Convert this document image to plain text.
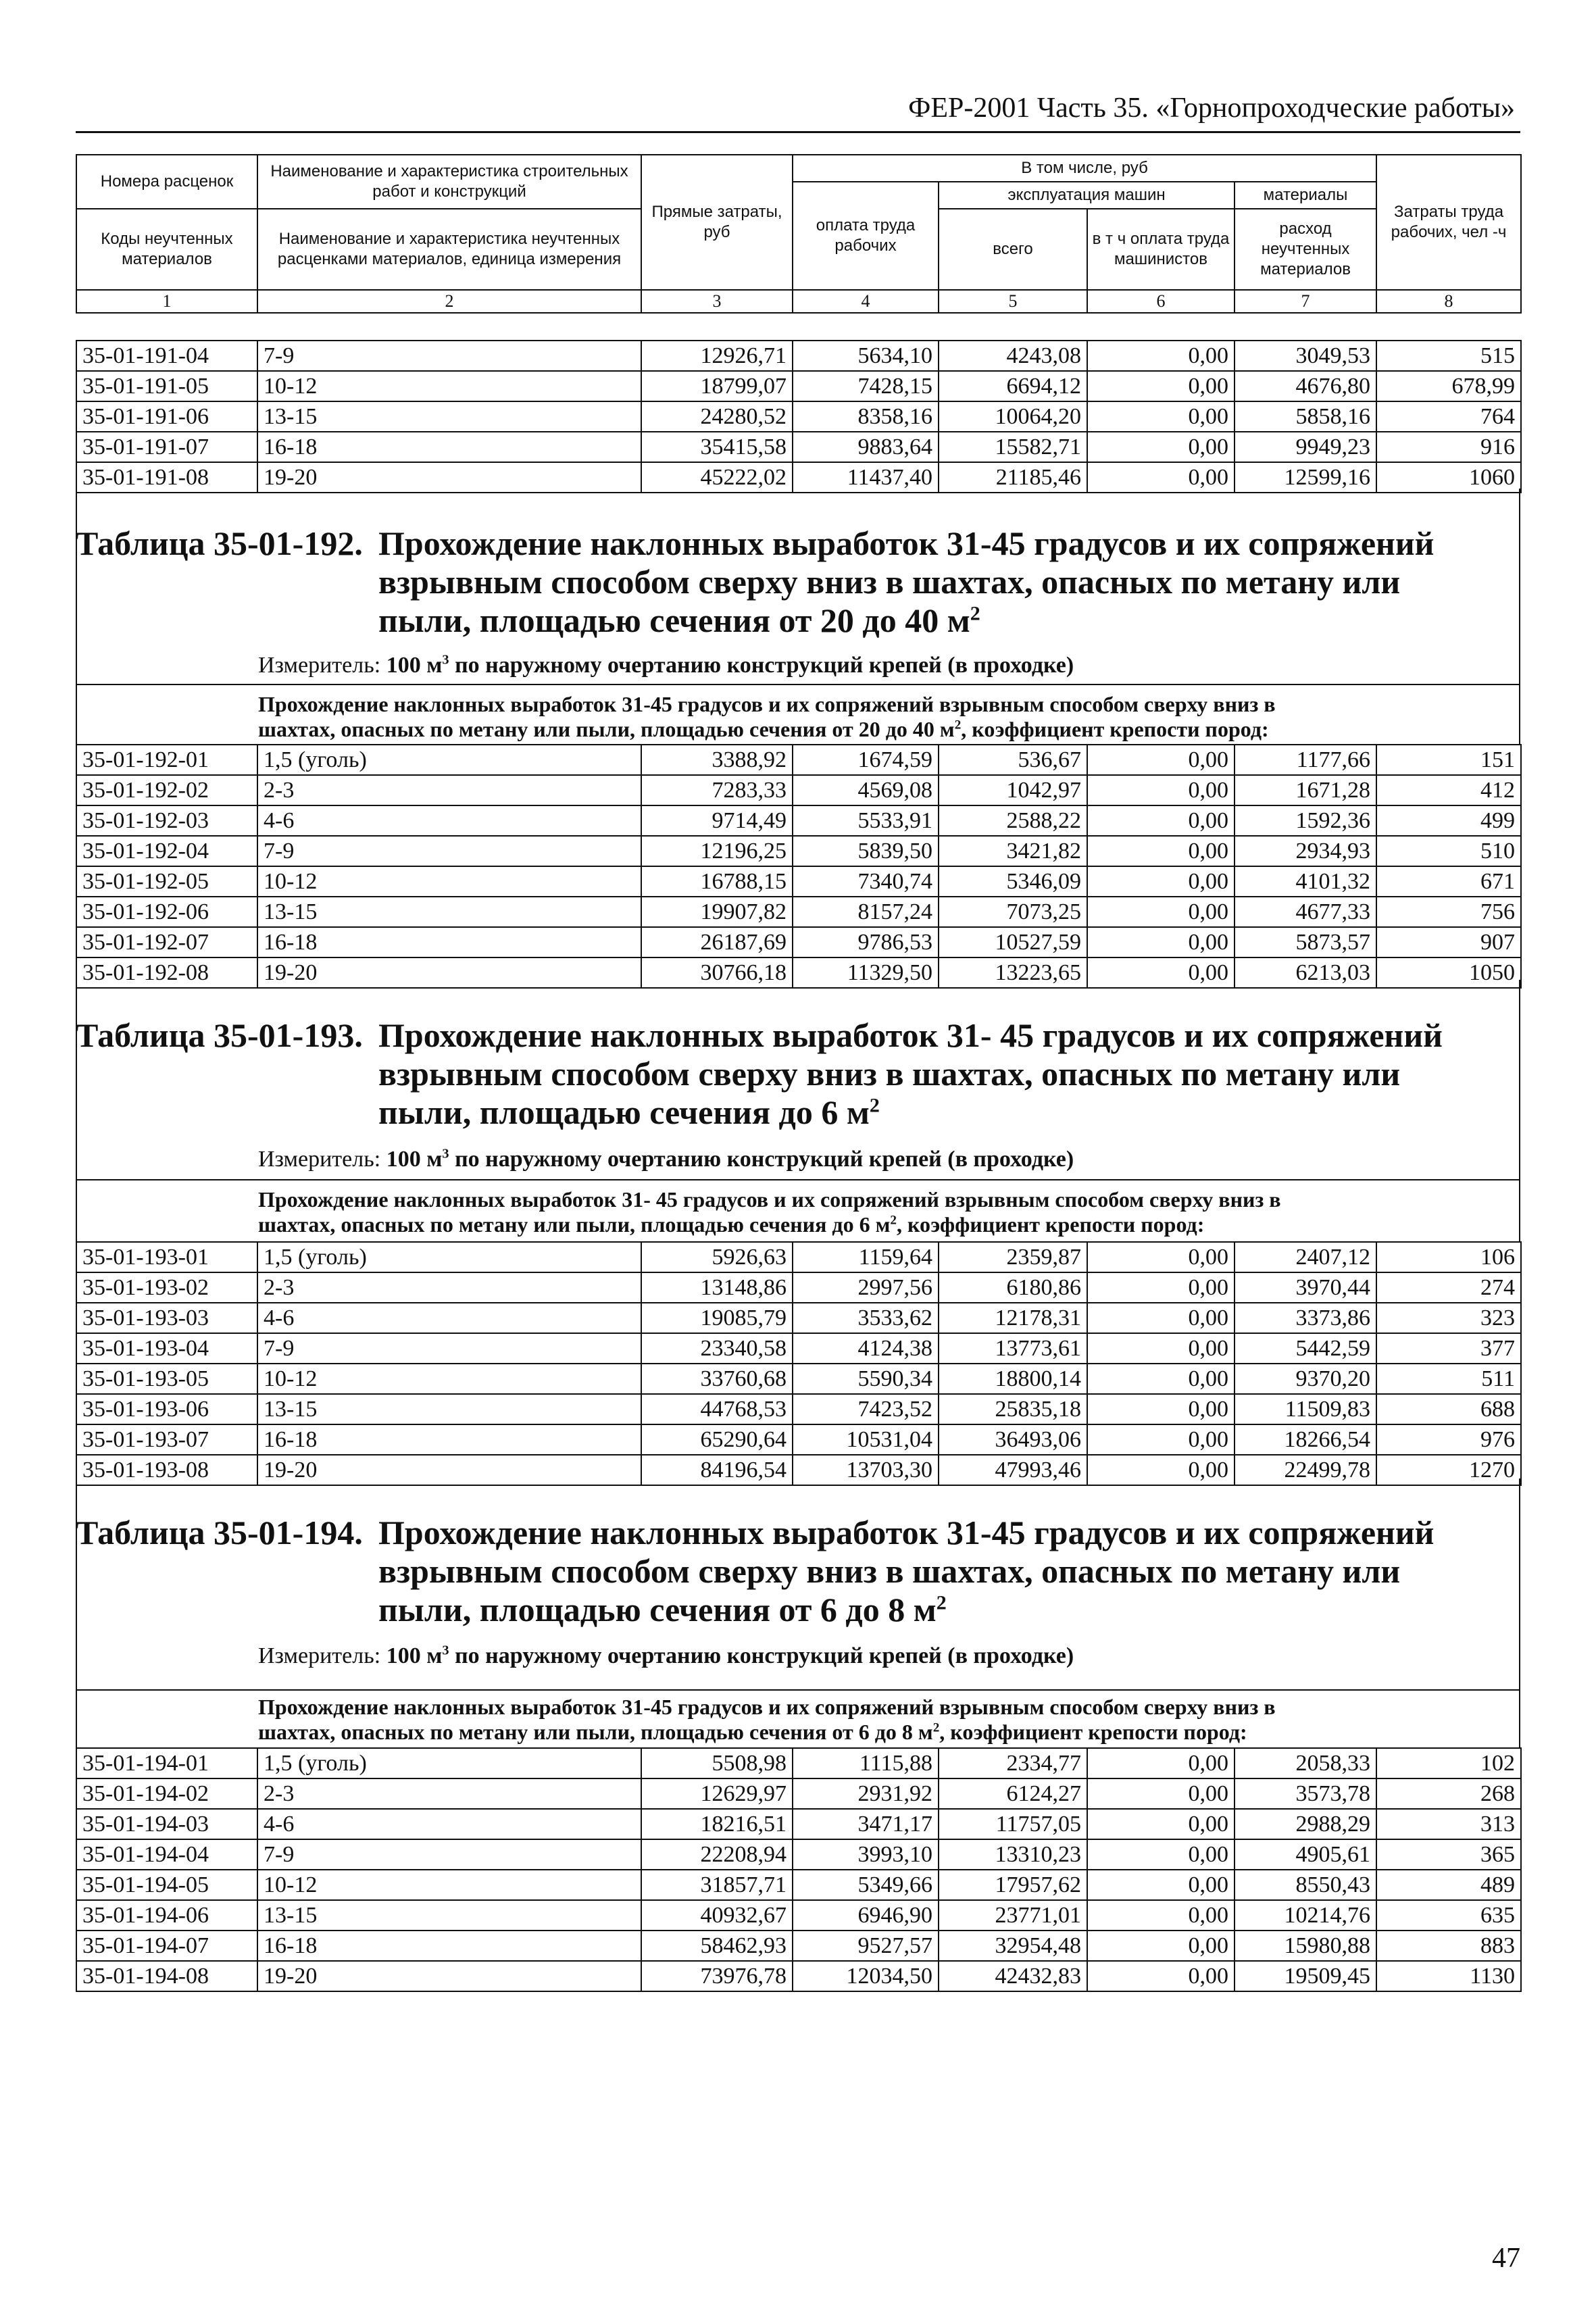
ФЕР-2001 Часть 35. «Горнопроходческие работы»
Номера расценок	Наименование и характеристика строительных работ и конструкций	Прямые затраты, руб	В том числе, руб				Затраты труда рабочих, чел -ч
			оплата труда рабочих	эксплуатация машин		материалы	
Коды неучтенных материалов	Наименование и характеристика неучтенных расценками материалов, единица измерения			всего	в т ч оплата труда машинистов	расход неучтенных материалов	

1	2	3	4	5	6	7	8
35-01-191-04	7-9	12926,71	5634,10	4243,08	0,00	3049,53	515
35-01-191-05	10-12	18799,07	7428,15	6694,12	0,00	4676,80	678,99
35-01-191-06	13-15	24280,52	8358,16	10064,20	0,00	5858,16	764
35-01-191-07	16-18	35415,58	9883,64	15582,71	0,00	9949,23	916
35-01-191-08	19-20	45222,02	11437,40	21185,46	0,00	12599,16	1060
Таблица 35-01-192. Прохождение наклонных выработок 31-45 градусов и их сопряжений
взрывным способом сверху вниз в шахтах, опасных по метану или
пыли, площадью сечения от 20 до 40 $м^2$
Измеритель: 100 $м^3$ по наружному очертанию конструкций крепей (в проходке)
Прохождение наклонных выработок 31-45 градусов и их сопряжений взрывным способом сверху вниз в
шахтах, опасных по метану или пыли, площадью сечения от 20 до 40 $м^2$, коэффициент крепости пород:
35-01-192-01	1,5 (уголь)	3388,92	1674,59	536,67	0,00	1177,66	151
35-01-192-02	2-3	7283,33	4569,08	1042,97	0,00	1671,28	412
35-01-192-03	4-6	9714,49	5533,91	2588,22	0,00	1592,36	499
35-01-192-04	7-9	12196,25	5839,50	3421,82	0,00	2934,93	510
35-01-192-05	10-12	16788,15	7340,74	5346,09	0,00	4101,32	671
35-01-192-06	13-15	19907,82	8157,24	7073,25	0,00	4677,33	756
35-01-192-07	16-18	26187,69	9786,53	10527,59	0,00	5873,57	907
35-01-192-08	19-20	30766,18	11329,50	13223,65	0,00	6213,03	1050
Таблица 35-01-193. Прохождение наклонных выработок 31- 45 градусов и их сопряжений
взрывным способом сверху вниз в шахтах, опасных по метану или
пыли, площадью сечения до 6 $м^2$
Измеритель: 100 $м^3$ по наружному очертанию конструкций крепей (в проходке)
Прохождение наклонных выработок 31- 45 градусов и их сопряжений взрывным способом сверху вниз в
шахтах, опасных по метану или пыли, площадью сечения до 6 $м^2$, коэффициент крепости пород:
35-01-193-01	1,5 (уголь)	5926,63	1159,64	2359,87	0,00	2407,12	106
35-01-193-02	2-3	13148,86	2997,56	6180,86	0,00	3970,44	274
35-01-193-03	4-6	19085,79	3533,62	12178,31	0,00	3373,86	323
35-01-193-04	7-9	23340,58	4124,38	13773,61	0,00	5442,59	377
35-01-193-05	10-12	33760,68	5590,34	18800,14	0,00	9370,20	511
35-01-193-06	13-15	44768,53	7423,52	25835,18	0,00	11509,83	688
35-01-193-07	16-18	65290,64	10531,04	36493,06	0,00	18266,54	976
35-01-193-08	19-20	84196,54	13703,30	47993,46	0,00	22499,78	1270
Таблица 35-01-194. Прохождение наклонных выработок 31-45 градусов и их сопряжений
взрывным способом сверху вниз в шахтах, опасных по метану или
пыли, площадью сечения от 6 до 8 $м^2$
Измеритель: 100 $м^3$ по наружному очертанию конструкций крепей (в проходке)
Прохождение наклонных выработок 31-45 градусов и их сопряжений взрывным способом сверху вниз в
шахтах, опасных по метану или пыли, площадью сечения от 6 до 8 $м^2$, коэффициент крепости пород:
35-01-194-01	1,5 (уголь)	5508,98	1115,88	2334,77	0,00	2058,33	102
35-01-194-02	2-3	12629,97	2931,92	6124,27	0,00	3573,78	268
35-01-194-03	4-6	18216,51	3471,17	11757,05	0,00	2988,29	313
35-01-194-04	7-9	22208,94	3993,10	13310,23	0,00	4905,61	365
35-01-194-05	10-12	31857,71	5349,66	17957,62	0,00	8550,43	489
35-01-194-06	13-15	40932,67	6946,90	23771,01	0,00	10214,76	635
35-01-194-07	16-18	58462,93	9527,57	32954,48	0,00	15980,88	883
35-01-194-08	19-20	73976,78	12034,50	42432,83	0,00	19509,45	1130
47
